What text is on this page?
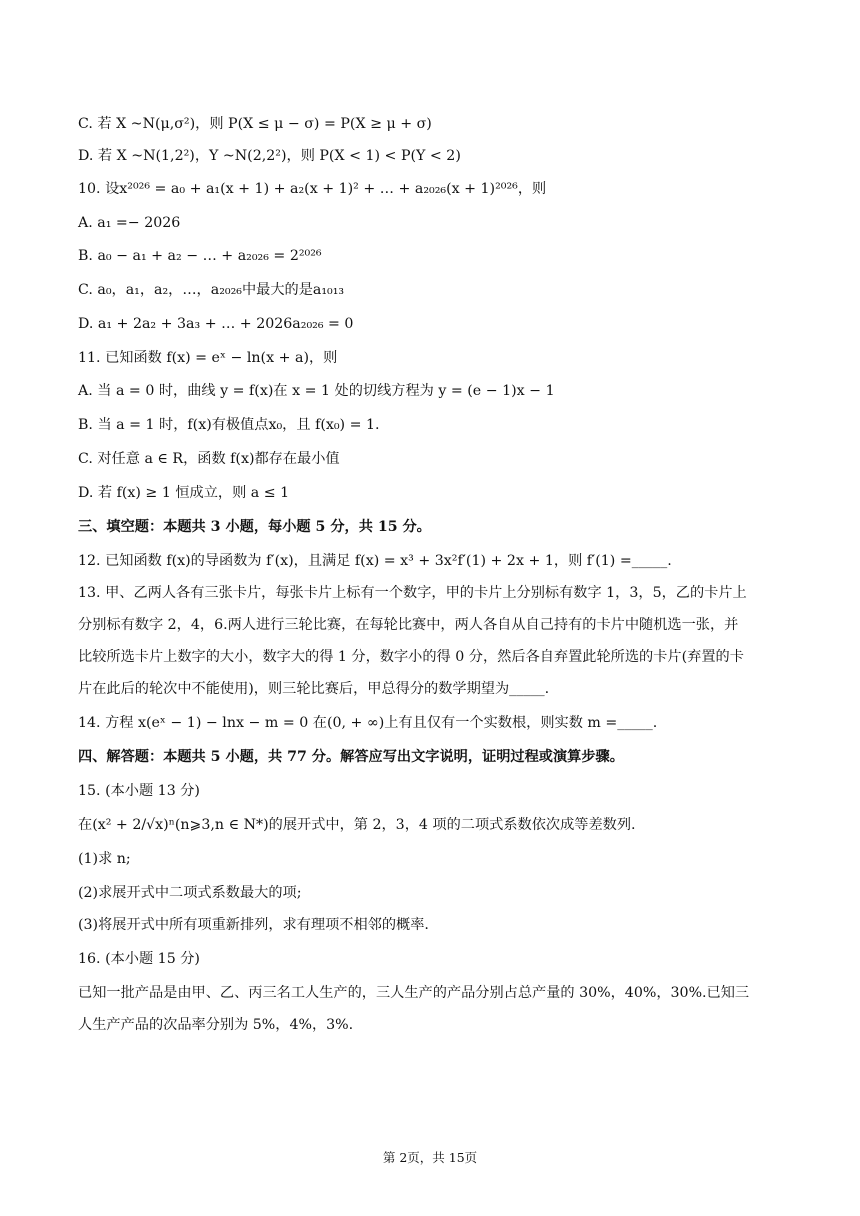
C. 若 X ~N(μ,σ²)，则 P(X ≤ μ − σ) = P(X ≥ μ + σ)
D. 若 X ~N(1,2²)，Y ~N(2,2²)，则 P(X < 1) < P(Y < 2)
10. 设x²⁰²⁶ = a₀ + a₁(x + 1) + a₂(x + 1)² + … + a₂₀₂₆(x + 1)²⁰²⁶，则
A. a₁ =− 2026
B. a₀ − a₁ + a₂ − … + a₂₀₂₆ = 2²⁰²⁶
C. a₀，a₁，a₂，…，a₂₀₂₆中最大的是a₁₀₁₃
D. a₁ + 2a₂ + 3a₃ + … + 2026a₂₀₂₆ = 0
11. 已知函数 f(x) = eˣ − ln(x + a)，则
A. 当 a = 0 时，曲线 y = f(x)在 x = 1 处的切线方程为 y = (e − 1)x − 1
B. 当 a = 1 时，f(x)有极值点x₀，且 f(x₀) = 1.
C. 对任意 a ∈ R，函数 f(x)都存在最小值
D. 若 f(x) ≥ 1 恒成立，则 a ≤ 1
三、填空题：本题共 3 小题，每小题 5 分，共 15 分。
12. 已知函数 f(x)的导函数为 f′(x)，且满足 f(x) = x³ + 3x²f′(1) + 2x + 1，则 f′(1) =_____.
13. 甲、乙两人各有三张卡片，每张卡片上标有一个数字，甲的卡片上分别标有数字 1，3，5，乙的卡片上
分别标有数字 2，4，6.两人进行三轮比赛，在每轮比赛中，两人各自从自己持有的卡片中随机选一张，并
比较所选卡片上数字的大小，数字大的得 1 分，数字小的得 0 分，然后各自弃置此轮所选的卡片(弃置的卡
片在此后的轮次中不能使用)，则三轮比赛后，甲总得分的数学期望为_____.
14. 方程 x(eˣ − 1) − lnx − m = 0 在(0, + ∞)上有且仅有一个实数根，则实数 m =_____.
四、解答题：本题共 5 小题，共 77 分。解答应写出文字说明，证明过程或演算步骤。
15. (本小题 13 分)
在(x² + 2/√x)ⁿ(n⩾3,n ∈ N*)的展开式中，第 2，3，4 项的二项式系数依次成等差数列.
(1)求 n;
(2)求展开式中二项式系数最大的项;
(3)将展开式中所有项重新排列，求有理项不相邻的概率.
16. (本小题 15 分)
已知一批产品是由甲、乙、丙三名工人生产的，三人生产的产品分别占总产量的 30%，40%，30%.已知三
人生产产品的次品率分别为 5%，4%，3%.
第 2页，共 15页
